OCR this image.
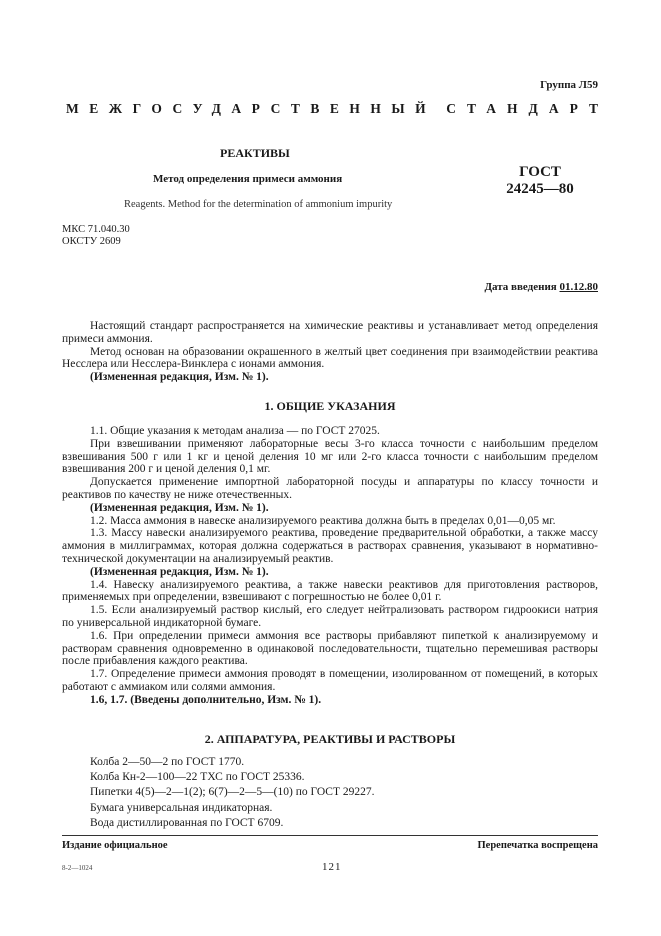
Группа Л59
МЕЖГОСУДАРСТВЕННЫЙ СТАНДАРТ
РЕАКТИВЫ
Метод определения примеси аммония	ГОСТ
24245—80
Reagents. Method for the determination of ammonium impurity
МКС 71.040.30
ОКСТУ 2609
Дата введения 01.12.80

Настоящий стандарт распространяется на химические реактивы и устанавливает метод определения примеси аммония.

Метод основан на образовании окрашенного в желтый цвет соединения при взаимодействии реактива Несслера или Несслера-Винклера с ионами аммония.

(Измененная редакция, Изм. № 1).

1. ОБЩИЕ УКАЗАНИЯ

1.1. Общие указания к методам анализа — по ГОСТ 27025.

При взвешивании применяют лабораторные весы 3-го класса точности с наибольшим пределом взвешивания 500 г или 1 кг и ценой деления 10 мг или 2-го класса точности с наибольшим пределом взвешивания 200 г и ценой деления 0,1 мг.

Допускается применение импортной лабораторной посуды и аппаратуры по классу точности и реактивов по качеству не ниже отечественных.

(Измененная редакция, Изм. № 1).

1.2. Масса аммония в навеске анализируемого реактива должна быть в пределах 0,01—0,05 мг.

1.3. Массу навески анализируемого реактива, проведение предварительной обработки, а также массу аммония в миллиграммах, которая должна содержаться в растворах сравнения, указывают в нормативно-технической документации на анализируемый реактив.

(Измененная редакция, Изм. № 1).

1.4. Навеску анализируемого реактива, а также навески реактивов для приготовления растворов, применяемых при определении, взвешивают с погрешностью не более 0,01 г.

1.5. Если анализируемый раствор кислый, его следует нейтрализовать раствором гидроокиси натрия по универсальной индикаторной бумаге.

1.6. При определении примеси аммония все растворы прибавляют пипеткой к анализируемому и растворам сравнения одновременно в одинаковой последовательности, тщательно перемешивая растворы после прибавления каждого реактива.

1.7. Определение примеси аммония проводят в помещении, изолированном от помещений, в которых работают с аммиаком или солями аммония.

1.6, 1.7. (Введены дополнительно, Изм. № 1).

2. АППАРАТУРА, РЕАКТИВЫ И РАСТВОРЫ
Колба 2—50—2 по ГОСТ 1770.
Колба Кн-2—100—22 ТХС по ГОСТ 25336.
Пипетки 4(5)—2—1(2); 6(7)—2—5—(10) по ГОСТ 29227.
Бумага универсальная индикаторная.
Вода дистиллированная по ГОСТ 6709.
Издание официальное	Перепечатка воспрещена
8-2—1024	121
